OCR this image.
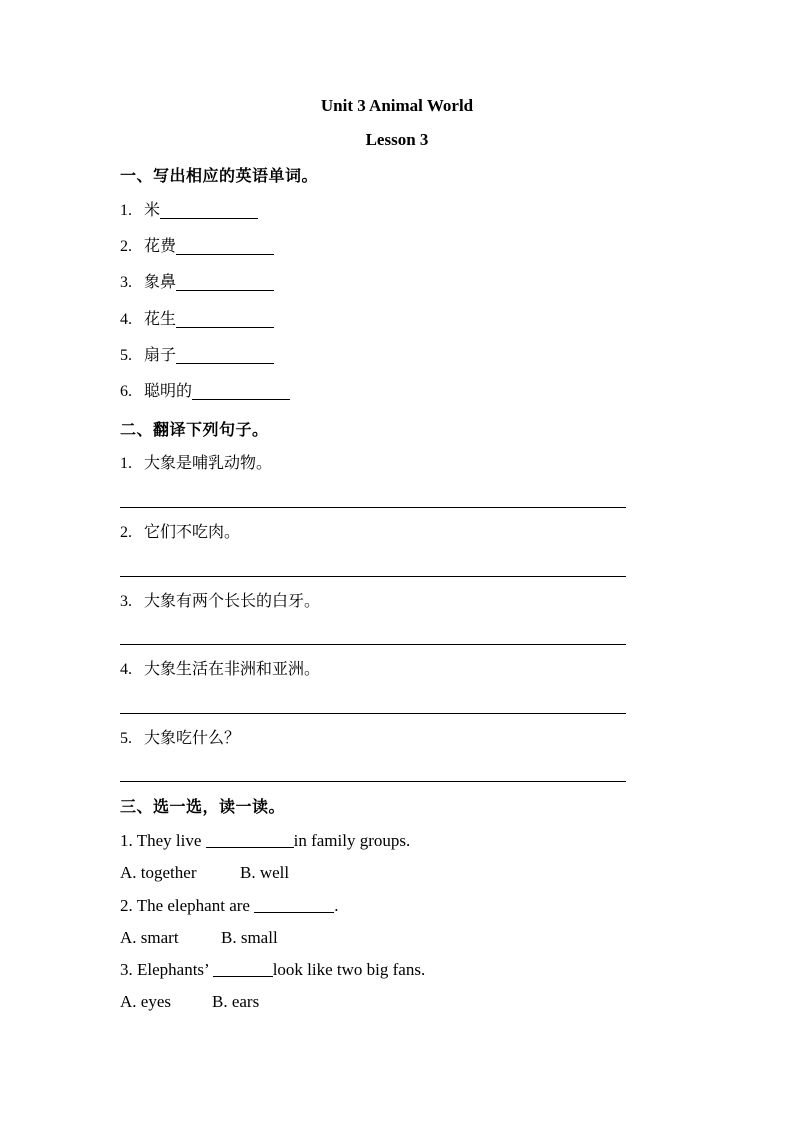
Unit 3 Animal World
Lesson 3
一、写出相应的英语单词。
1. 米
2. 花费
3. 象鼻
4. 花生
5. 扇子
6. 聪明的
二、翻译下列句子。
1. 大象是哺乳动物。
2. 它们不吃肉。
3. 大象有两个长长的白牙。
4. 大象生活在非洲和亚洲。
5. 大象吃什么？
三、选一选，读一读。
1. They live	in family groups.
A. together	B. well
2. The elephant are	.
A. smart B. small
3. Elephants’	look like two big fans.
A. eyes B. ears
